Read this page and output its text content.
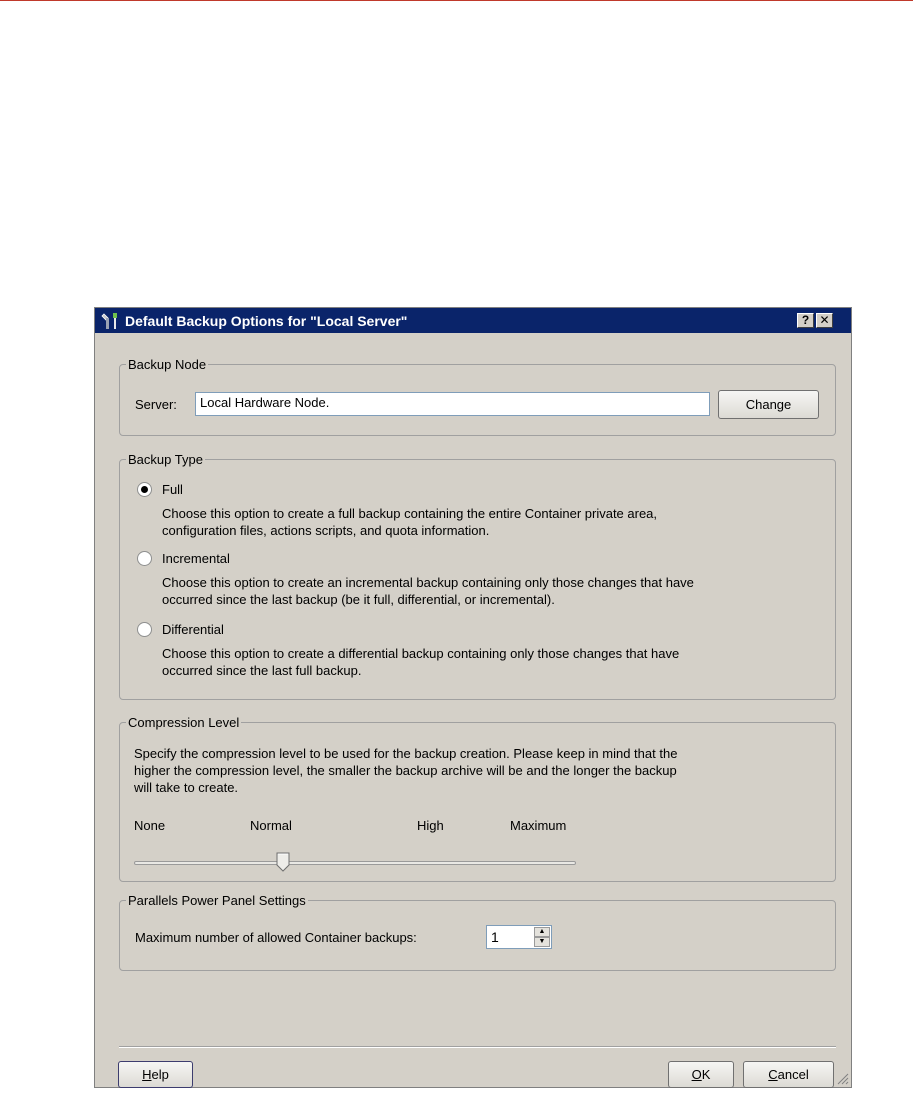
Default Backup Options for "Local Server"	? ✕
Backup Node
Server:	Local Hardware Node.	Change
Backup Type
Full
Choose this option to create a full backup containing the entire Container private area,
configuration files, actions scripts, and quota information.
Incremental
Choose this option to create an incremental backup containing only those changes that have
occurred since the last backup (be it full, differential, or incremental).
Differential
Choose this option to create a differential backup containing only those changes that have
occurred since the last full backup.
Compression Level
Specify the compression level to be used for the backup creation. Please keep in mind that the
higher the compression level, the smaller the backup archive will be and the longer the backup
will take to create.
None	Normal	High	Maximum
Parallels Power Panel Settings
Maximum number of allowed Container backups:	1	▲
▼
Help	OK	Cancel
